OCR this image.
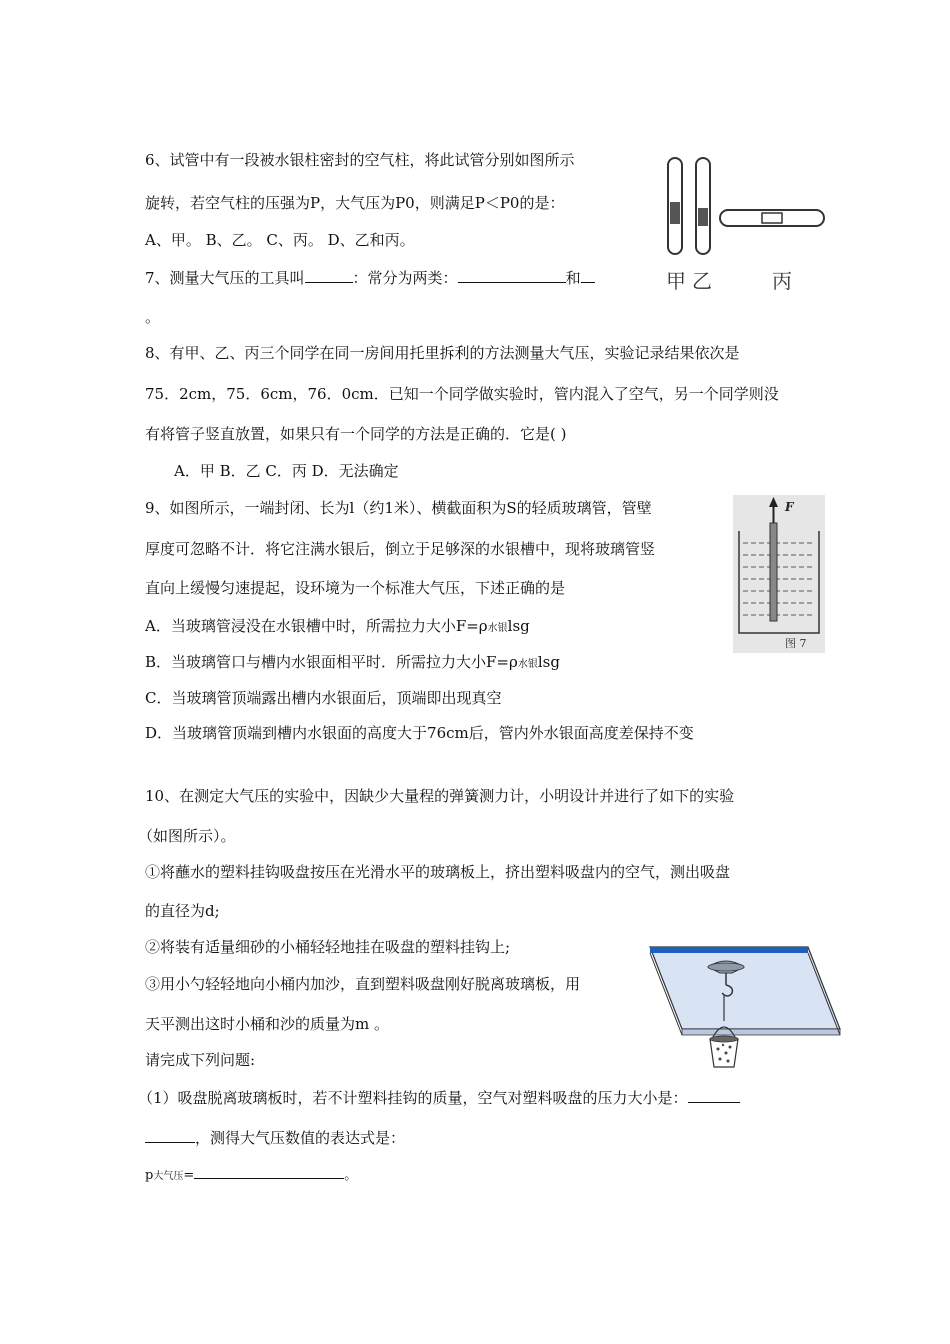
6、试管中有一段被水银柱密封的空气柱，将此试管分别如图所示
旋转，若空气柱的压强为P，大气压为P0，则满足P＜P0的是：
A、甲。 B、乙。 C、丙。 D、乙和丙。
甲 乙	丙
7、测量大气压的工具叫	：常分为两类：	和
。
8、有甲、乙、丙三个同学在同一房间用托里拆利的方法测量大气压，实验记录结果依次是
75．2cm，75．6cm，76．0cm．已知一个同学做实验时，管内混入了空气，另一个同学则没
有将管子竖直放置，如果只有一个同学的方法是正确的．它是( )
A．甲 B．乙 C．丙 D．无法确定
9、如图所示，一端封闭、长为l（约1米）、横截面积为S的轻质玻璃管，管壁
厚度可忽略不计．将它注满水银后，倒立于足够深的水银槽中，现将玻璃管竖
直向上缓慢匀速提起，设环境为一个标准大气压，下述正确的是
A．当玻璃管浸没在水银槽中时，所需拉力大小F=ρ水银lsg
B．当玻璃管口与槽内水银面相平时．所需拉力大小F=ρ水银lsg
C．当玻璃管顶端露出槽内水银面后，顶端即出现真空
D．当玻璃管顶端到槽内水银面的高度大于76cm后，管内外水银面高度差保持不变
F
图 7
10、在测定大气压的实验中，因缺少大量程的弹簧测力计，小明设计并进行了如下的实验
（如图所示）。
①将蘸水的塑料挂钩吸盘按压在光滑水平的玻璃板上，挤出塑料吸盘内的空气，测出吸盘
的直径为d;
②将装有适量细砂的小桶轻轻地挂在吸盘的塑料挂钩上;
③用小勺轻轻地向小桶内加沙，直到塑料吸盘刚好脱离玻璃板，用
天平测出这时小桶和沙的质量为m 。
请完成下列问题:
（1）吸盘脱离玻璃板时，若不计塑料挂钩的质量，空气对塑料吸盘的压力大小是：
，测得大气压数值的表达式是：
p大气压=	。
